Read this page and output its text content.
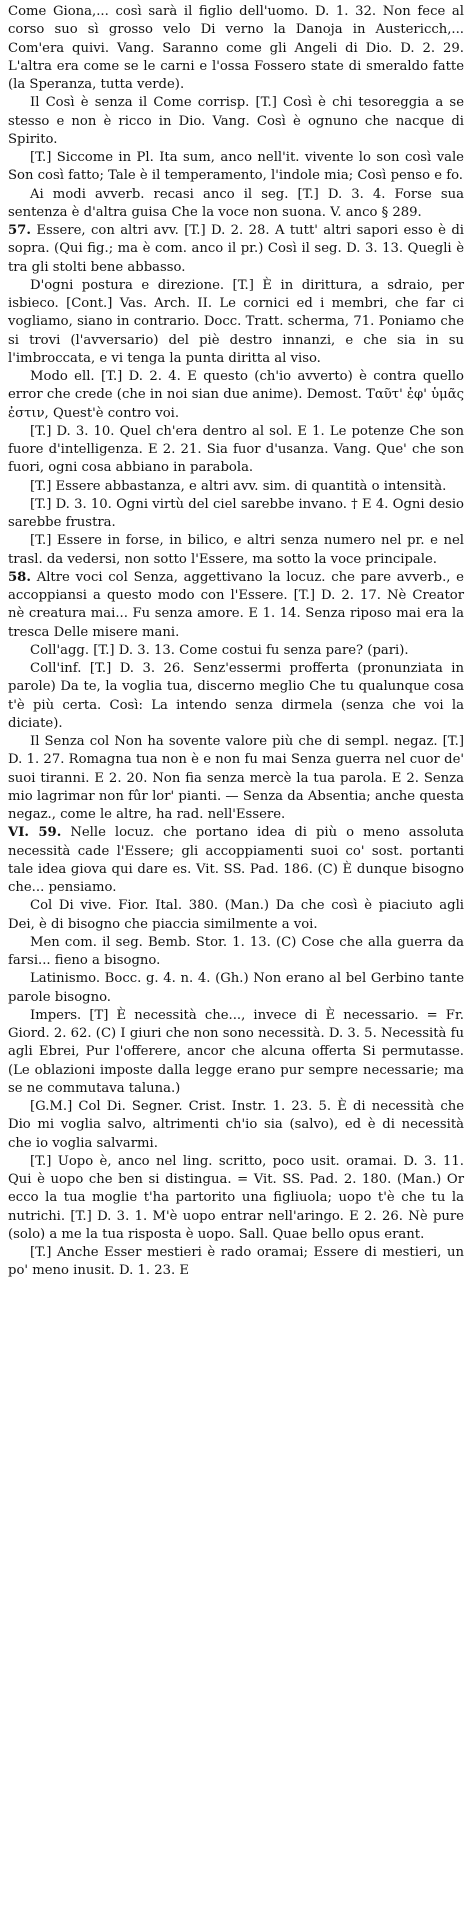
Come Giona,... così sarà il figlio dell'uomo. D. 1. 32. Non fece al corso suo sì grosso velo Di verno la Danoja in Austericch,... Com'era quivi. Vang. Saranno come gli Angeli di Dio. D. 2. 29. L'altra era come se le carni e l'ossa Fossero state di smeraldo fatte (la Speranza, tutta verde).

Il Così è senza il Come corrisp. [T.] Così è chi tesoreggia a se stesso e non è ricco in Dio. Vang. Così è ognuno che nacque di Spirito.

[T.] Siccome in Pl. Ita sum, anco nell'it. vivente lo son così vale Son così fatto; Tale è il temperamento, l'indole mia; Così penso e fo.

Ai modi avverb. recasi anco il seg. [T.] D. 3. 4. Forse sua sentenza è d'altra guisa Che la voce non suona. V. anco § 289.

57. Essere, con altri avv. [T.] D. 2. 28. A tutt' altri sapori esso è di sopra. (Qui fig.; ma è com. anco il pr.) Così il seg. D. 3. 13. Quegli è tra gli stolti bene abbasso.

D'ogni postura e direzione. [T.] È in dirittura, a sdraio, per isbieco. [Cont.] Vas. Arch. II. Le cornici ed i membri, che far ci vogliamo, siano in contrario. Docc. Tratt. scherma, 71. Poniamo che si trovi (l'avversario) del piè destro innanzi, e che sia in su l'imbroccata, e vi tenga la punta diritta al viso.

Modo ell. [T.] D. 2. 4. E questo (ch'io avverto) è contra quello error che crede (che in noi sian due anime). Demost. Ταῦτ' ἐφ' ὑμᾶς ἐστιν, Quest'è contro voi.

[T.] D. 3. 10. Quel ch'era dentro al sol. E 1. Le potenze Che son fuore d'intelligenza. E 2. 21. Sia fuor d'usanza. Vang. Que' che son fuori, ogni cosa abbiano in parabola.

[T.] Essere abbastanza, e altri avv. sim. di quantità o intensità.

[T.] D. 3. 10. Ogni virtù del ciel sarebbe invano. † E 4. Ogni desio sarebbe frustra.

[T.] Essere in forse, in bilico, e altri senza numero nel pr. e nel trasl. da vedersi, non sotto l'Essere, ma sotto la voce principale.

58. Altre voci col Senza, aggettivano la locuz. che pare avverb., e accoppiansi a questo modo con l'Essere. [T.] D. 2. 17. Nè Creator nè creatura mai... Fu senza amore. E 1. 14. Senza riposo mai era la tresca Delle misere mani.

Coll'agg. [T.] D. 3. 13. Come costui fu senza pare? (pari).

Coll'inf. [T.] D. 3. 26. Senz'essermi profferta (pronunziata in parole) Da te, la voglia tua, discerno meglio Che tu qualunque cosa t'è più certa. Così: La intendo senza dirmela (senza che voi la diciate).

Il Senza col Non ha sovente valore più che di sempl. negaz. [T.] D. 1. 27. Romagna tua non è e non fu mai Senza guerra nel cuor de' suoi tiranni. E 2. 20. Non fia senza mercè la tua parola. E 2. Senza mio lagrimar non fûr lor' pianti. — Senza da Absentia; anche questa negaz., come le altre, ha rad. nell'Essere.

VI. 59. Nelle locuz. che portano idea di più o meno assoluta necessità cade l'Essere; gli accoppiamenti suoi co' sost. portanti tale idea giova qui dare es. Vit. SS. Pad. 186. (C) È dunque bisogno che... pensiamo.

Col Di vive. Fior. Ital. 380. (Man.) Da che così è piaciuto agli Dei, è di bisogno che piaccia similmente a voi.

Men com. il seg. Bemb. Stor. 1. 13. (C) Cose che alla guerra da farsi... fieno a bisogno.

Latinismo. Bocc. g. 4. n. 4. (Gh.) Non erano al bel Gerbino tante parole bisogno.

Impers. [T] È necessità che..., invece di È necessario. = Fr. Giord. 2. 62. (C) I giuri che non sono necessità. D. 3. 5. Necessità fu agli Ebrei, Pur l'offerere, ancor che alcuna offerta Si permutasse. (Le oblazioni imposte dalla legge erano pur sempre necessarie; ma se ne commutava taluna.)

[G.M.] Col Di. Segner. Crist. Instr. 1. 23. 5. È di necessità che Dio mi voglia salvo, altrimenti ch'io sia (salvo), ed è di necessità che io voglia salvarmi.

[T.] Uopo è, anco nel ling. scritto, poco usit. oramai. D. 3. 11. Qui è uopo che ben si distingua. = Vit. SS. Pad. 2. 180. (Man.) Or ecco la tua moglie t'ha partorito una figliuola; uopo t'è che tu la nutrichi. [T.] D. 3. 1. M'è uopo entrar nell'aringo. E 2. 26. Nè pure (solo) a me la tua risposta è uopo. Sall. Quae bello opus erant.

[T.] Anche Esser mestieri è rado oramai; Essere di mestieri, un po' meno inusit. D. 1. 23. E
